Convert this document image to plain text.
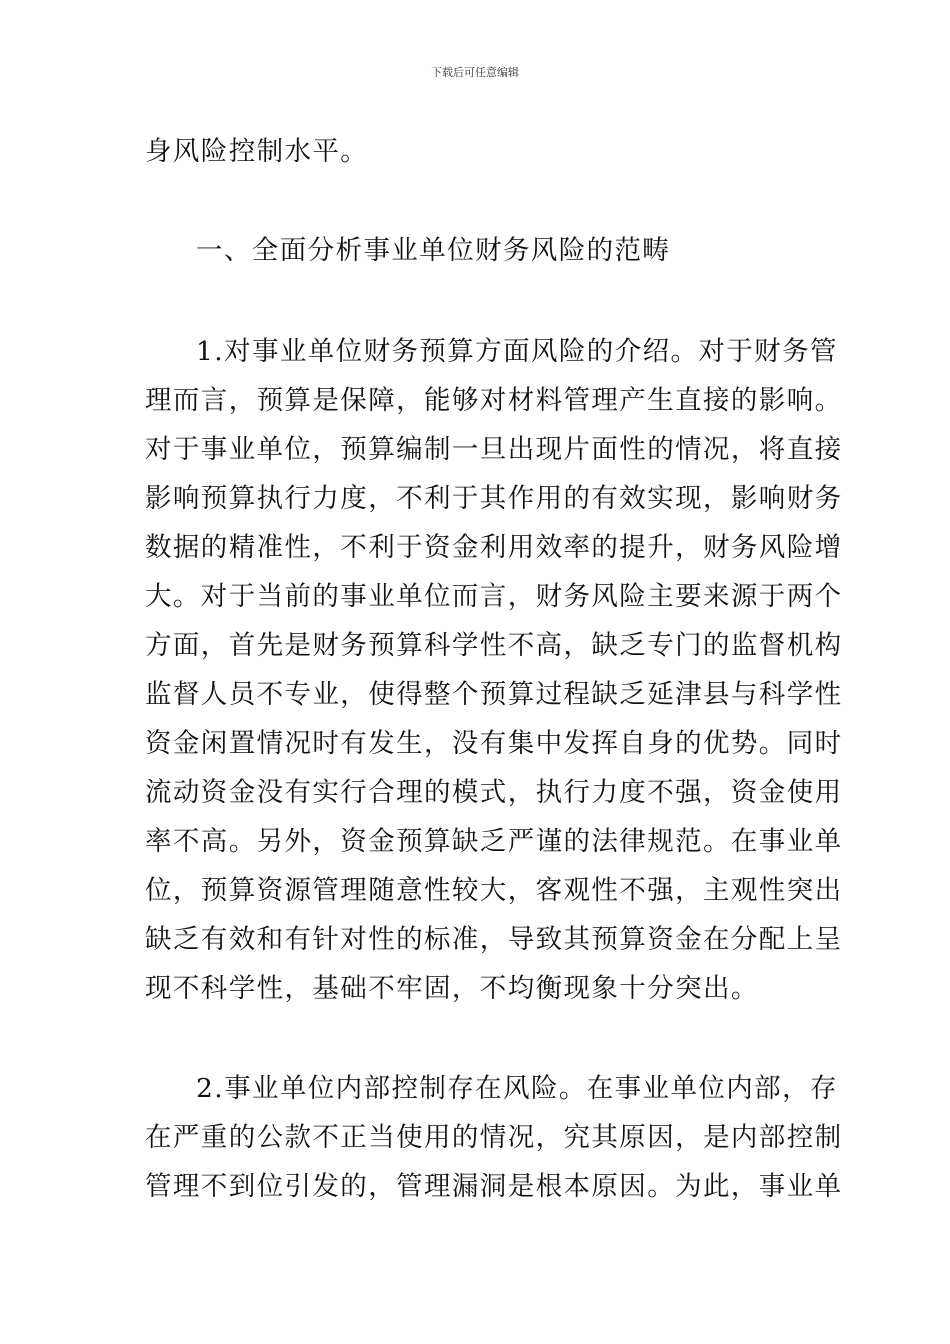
下载后可任意编辑
身风险控制水平。
一、全面分析事业单位财务风险的范畴
1.对事业单位财务预算方面风险的介绍。对于财务管
理而言，预算是保障，能够对材料管理产生直接的影响。
对于事业单位，预算编制一旦出现片面性的情况，将直接
影响预算执行力度，不利于其作用的有效实现，影响财务
数据的精准性，不利于资金利用效率的提升，财务风险增
大。对于当前的事业单位而言，财务风险主要来源于两个
方面，首先是财务预算科学性不高，缺乏专门的监督机构
监督人员不专业，使得整个预算过程缺乏延津县与科学性
资金闲置情况时有发生，没有集中发挥自身的优势。同时
流动资金没有实行合理的模式，执行力度不强，资金使用
率不高。另外，资金预算缺乏严谨的法律规范。在事业单
位，预算资源管理随意性较大，客观性不强，主观性突出
缺乏有效和有针对性的标准，导致其预算资金在分配上呈
现不科学性，基础不牢固，不均衡现象十分突出。
2.事业单位内部控制存在风险。在事业单位内部，存
在严重的公款不正当使用的情况，究其原因，是内部控制
管理不到位引发的，管理漏洞是根本原因。为此，事业单
